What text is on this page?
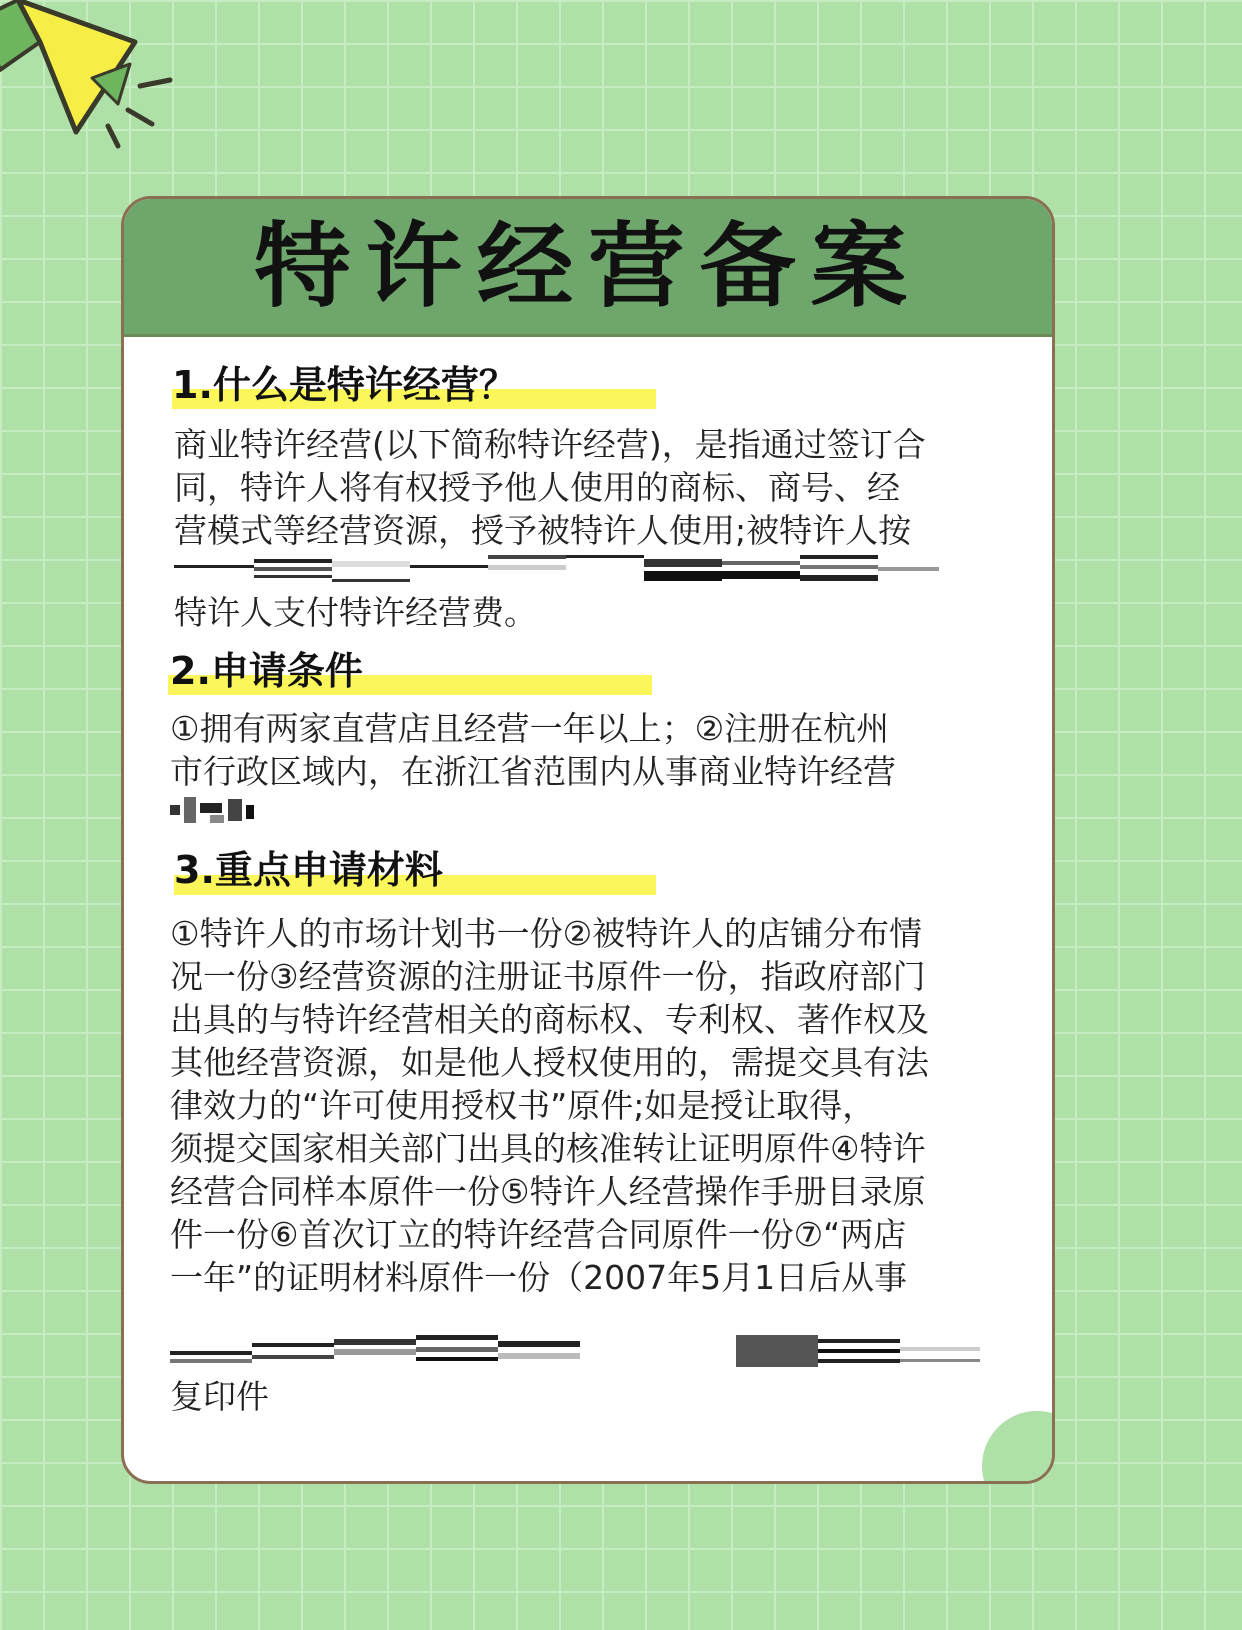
特许经营备案
1.什么是特许经营？
商业特许经营(以下简称特许经营)，是指通过签订合
同，特许人将有权授予他人使用的商标、商号、经
营模式等经营资源，授予被特许人使用;被特许人按
特许人支付特许经营费。
2.申请条件
①拥有两家直营店且经营一年以上；②注册在杭州
市行政区域内，在浙江省范围内从事商业特许经营
3.重点申请材料
①特许人的市场计划书一份②被特许人的店铺分布情
况一份③经营资源的注册证书原件一份，指政府部门
出具的与特许经营相关的商标权、专利权、著作权及
其他经营资源，如是他人授权使用的，需提交具有法
律效力的“许可使用授权书”原件;如是授让取得，
须提交国家相关部门出具的核准转让证明原件④特许
经营合同样本原件一份⑤特许人经营操作手册目录原
件一份⑥首次订立的特许经营合同原件一份⑦“两店
一年”的证明材料原件一份（2007年5月1日后从事
复印件
